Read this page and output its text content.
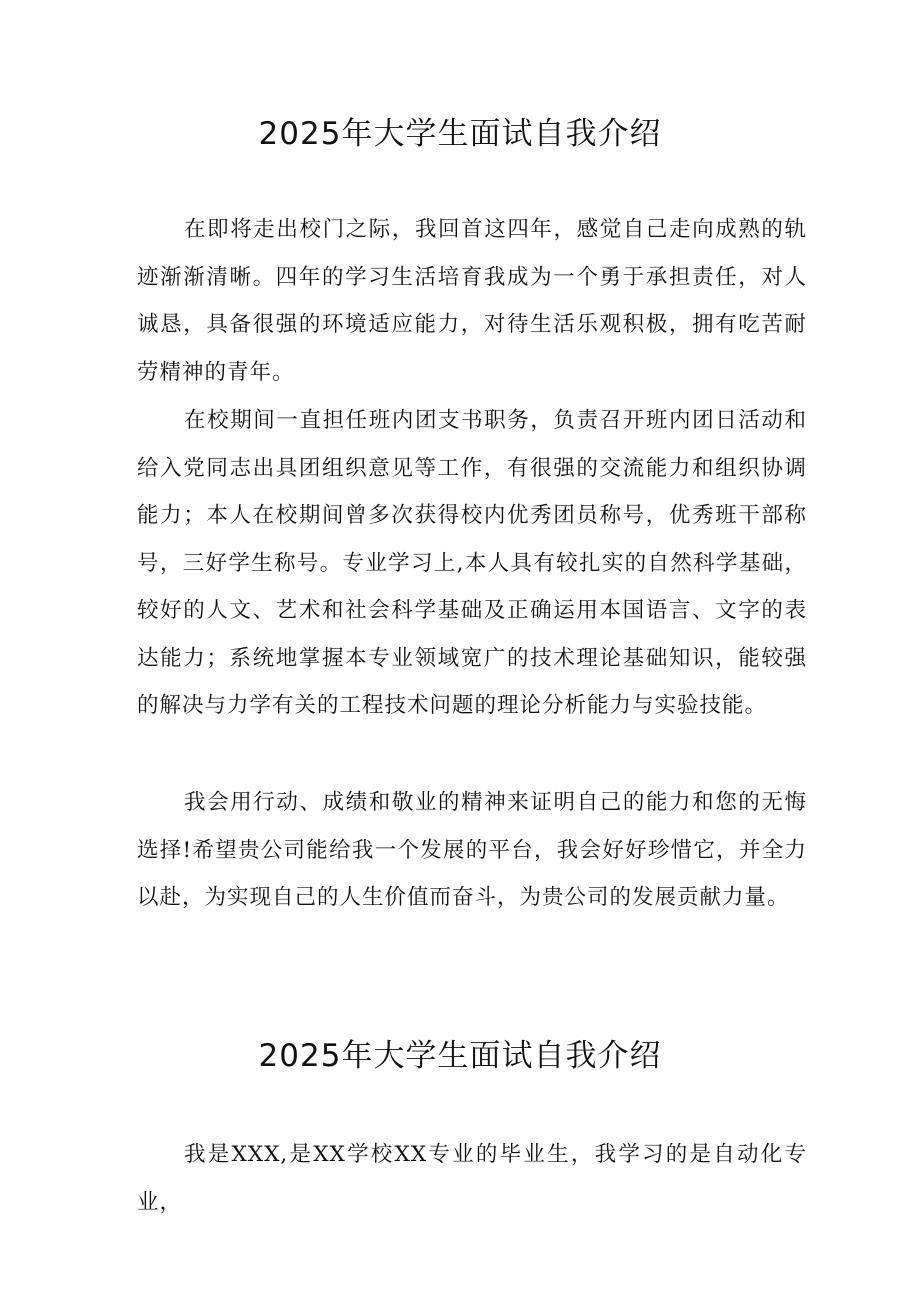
2025年大学生面试自我介绍

在即将走出校门之际，我回首这四年，感觉自己走向成熟的轨迹渐渐清晰。四年的学习生活培育我成为一个勇于承担责任，对人诚恳，具备很强的环境适应能力，对待生活乐观积极，拥有吃苦耐劳精神的青年。

在校期间一直担任班内团支书职务，负责召开班内团日活动和给入党同志出具团组织意见等工作，有很强的交流能力和组织协调能力；本人在校期间曾多次获得校内优秀团员称号，优秀班干部称号，三好学生称号。专业学习上,本人具有较扎实的自然科学基础，较好的人文、艺术和社会科学基础及正确运用本国语言、文字的表达能力；系统地掌握本专业领域宽广的技术理论基础知识，能较强的解决与力学有关的工程技术问题的理论分析能力与实验技能。

我会用行动、成绩和敬业的精神来证明自己的能力和您的无悔选择!希望贵公司能给我一个发展的平台，我会好好珍惜它，并全力以赴，为实现自己的人生价值而奋斗，为贵公司的发展贡献力量。

2025年大学生面试自我介绍

我是XXX,是XX学校XX专业的毕业生，我学习的是自动化专业，
